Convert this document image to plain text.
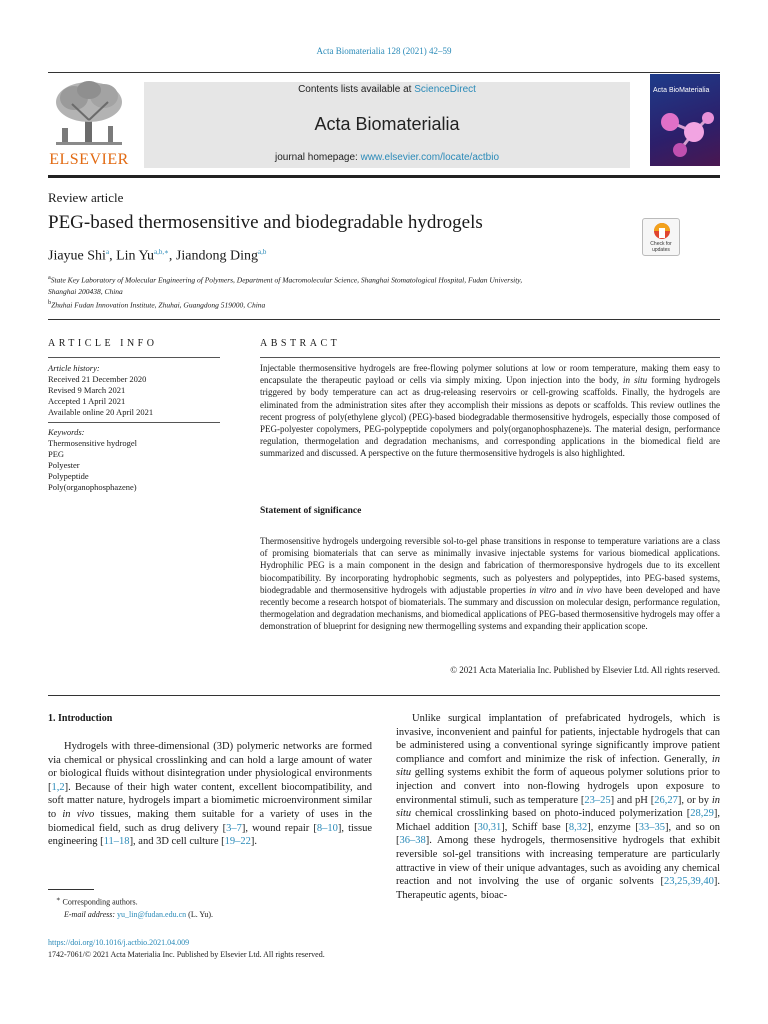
Acta Biomaterialia 128 (2021) 42–59
ELSEVIER
Contents lists available at ScienceDirect
Acta Biomaterialia
journal homepage: www.elsevier.com/locate/actbio
Acta BioMaterialia
Review article
PEG-based thermosensitive and biodegradable hydrogels
Check for updates
Jiayue Shi$^a$, Lin $Yu^{a,b,∗}$, Jiandong Ding$^{a,b}$
$^a$State Key Laboratory of Molecular Engineering of Polymers, Department of Macromolecular Science, Shanghai Stomatological Hospital, Fudan University,
Shanghai 200438, China
$^b$Zhuhai Fudan Innovation Institute, Zhuhai, Guangdong 519000, China
ARTICLE INFO
Article history:
Received 21 December 2020
Revised 9 March 2021
Accepted 1 April 2021
Available online 20 April 2021
Keywords:
Thermosensitive hydrogel
PEG
Polyester
Polypeptide
Poly(organophosphazene)
ABSTRACT
Injectable thermosensitive hydrogels are free-flowing polymer solutions at low or room temperature, making them easy to encapsulate the therapeutic payload or cells via simply mixing. Upon injection into the body, in situ forming hydrogels triggered by body temperature can act as drug-releasing reservoirs or cell-growing scaffolds. Finally, the hydrogels are eliminated from the administration sites after they accomplish their missions as depots or scaffolds. This review outlines the recent progress of poly(ethylene glycol) (PEG)-based biodegradable thermosensitive hydrogels, especially those composed of PEG-polyester copolymers, PEG-polypeptide copolymers and poly(organophosphazene)s. The material design, performance regulation, thermogelation and degradation mechanisms, and corresponding applications in the biomedical field are summarized and discussed. A perspective on the future thermosensitive hydrogels is also highlighted.
Statement of significance
Thermosensitive hydrogels undergoing reversible sol-to-gel phase transitions in response to temperature variations are a class of promising biomaterials that can serve as minimally invasive injectable systems for various biomedical applications. Hydrophilic PEG is a main component in the design and fabrication of thermoresponsive hydrogels due to its excellent biocompatibility. By incorporating hydrophobic segments, such as polyesters and polypeptides, into PEG-based systems, biodegradable and thermosensitive hydrogels with adjustable properties in vitro and in vivo have been developed and have recently become a research hotspot of biomaterials. The summary and discussion on molecular design, performance regulation, thermogelation and degradation mechanisms, and biomedical applications of PEG-based thermosensitive hydrogels may offer a demonstration of blueprint for designing new thermogelling systems and expanding their application scope.
© 2021 Acta Materialia Inc. Published by Elsevier Ltd. All rights reserved.
1. Introduction
Hydrogels with three-dimensional (3D) polymeric networks are formed via chemical or physical crosslinking and can hold a large amount of water or biological fluids without disintegration under physiological environments [1,2]. Because of their high water content, excellent biocompatibility, and soft matter nature, hydrogels impart a biomimetic microenvironment similar to in vivo tissues, making them suitable for a variety of uses in the biomedical field, such as drug delivery [3–7], wound repair [8–10], tissue engineering [11–18], and 3D cell culture [19–22].
Unlike surgical implantation of prefabricated hydrogels, which is invasive, inconvenient and painful for patients, injectable hydrogels that can be administered using a conventional syringe significantly improve patient compliance and comfort and minimize the risk of infection. Generally, in situ gelling systems exhibit the form of aqueous polymer solutions prior to injection and convert into non-flowing hydrogels upon exposure to environmental stimuli, such as temperature [23–25] and pH [26,27], or by in situ chemical crosslinking based on photo-induced polymerization [28,29], Michael addition [30,31], Schiff base [8,32], enzyme [33–35], and so on [36–38]. Among these hydrogels, thermosensitive hydrogels that exhibit reversible sol-gel transitions with increasing temperature are particularly attractive in view of their unique advantages, such as avoiding any chemical reaction and not involving the use of organic solvents [23,25,39,40]. Therapeutic agents, bioac-
∗ Corresponding authors.
E-mail address: yu_lin@fudan.edu.cn (L. Yu).
https://doi.org/10.1016/j.actbio.2021.04.009
1742-7061/© 2021 Acta Materialia Inc. Published by Elsevier Ltd. All rights reserved.
